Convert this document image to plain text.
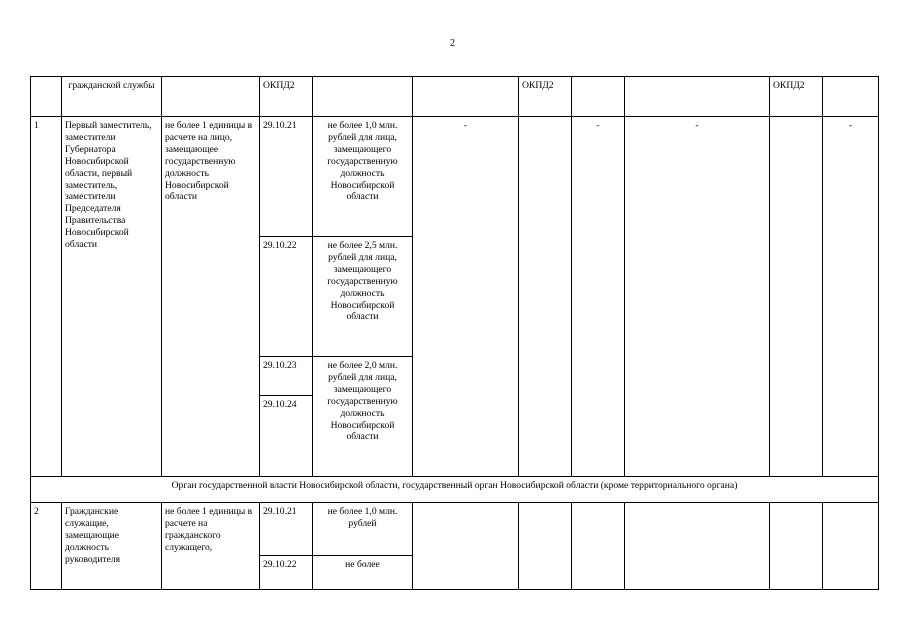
2
	гражданской службы		ОКПД2			ОКПД2			ОКПД2	
1	Первый заместитель, заместители Губернатора Новосибирской области, первый заместитель, заместители Председателя Правительства Новосибирской области	не более 1 единицы в расчете на лицо, замещающее государственную должность Новосибирской области	29.10.21	не более 1,0 млн. рублей для лица, замещающего государственную должность Новосибирской области	-		-	-		-
			29.10.22	не более 2,5 млн. рублей для лица, замещающего государственную должность Новосибирской области						
			29.10.23	не более 2,0 млн. рублей для лица, замещающего государственную должность Новосибирской области						
			29.10.24							
Орган государственной власти Новосибирской области, государственный орган Новосибирской области (кроме территориального органа)										
2	Гражданские служащие, замещающие должность руководителя	не более 1 единицы в расчете на гражданского служащего,	29.10.21	не более 1,0 млн. рублей						
			29.10.22	не более						
